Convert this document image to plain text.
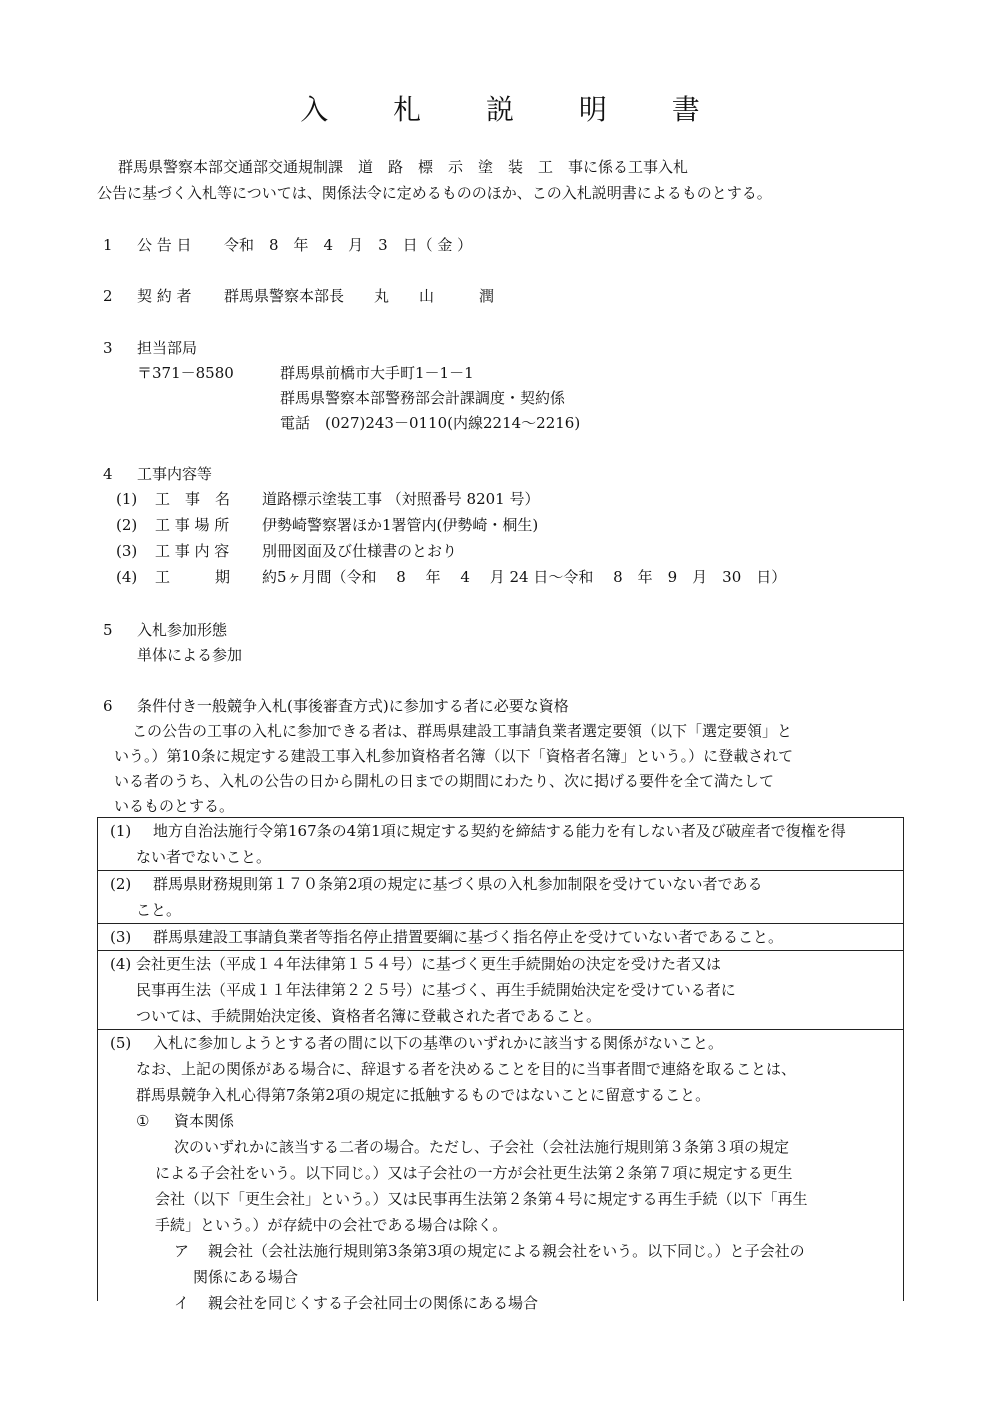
入 札 説 明 書
群馬県警察本部交通部交通規制課　道　路　標　示　塗　装　工　事に係る工事入札
公告に基づく入札等については、関係法令に定めるもののほか、この入札説明書によるものとする。
1 公 告 日 令和　8　年　4　月　3　日（ 金 ）
2 契 約 者 群馬県警察本部長　　丸　　山　　　潤
3 担当部局
〒371－8580	群馬県前橋市大手町1－1－1
群馬県警察本部警務部会計課調度・契約係
電話　(027)243－0110(内線2214～2216)
4 工事内容等
(1) 工　事　名 道路標示塗装工事 （対照番号 8201 号）
(2) 工 事 場 所 伊勢崎警察署ほか1署管内(伊勢崎・桐生)
(3) 工 事 内 容 別冊図面及び仕様書のとおり
(4) 工　　　期 約5ヶ月間（令和　 8　 年　 4　 月 24 日～令和　 8　年　9　月　30　日）
5 入札参加形態
単体による参加
6 条件付き一般競争入札(事後審査方式)に参加する者に必要な資格
この公告の工事の入札に参加できる者は、群馬県建設工事請負業者選定要領（以下「選定要領」と
いう。）第10条に規定する建設工事入札参加資格者名簿（以下「資格者名簿」という。）に登載されて
いる者のうち、入札の公告の日から開札の日までの期間にわたり、次に掲げる要件を全て満たして
いるものとする。
(1) 地方自治法施行令第167条の4第1項に規定する契約を締結する能力を有しない者及び破産者で復権を得

ない者でないこと。

(2) 群馬県財務規則第１７０条第2項の規定に基づく県の入札参加制限を受けていない者である

こと。

(3) 群馬県建設工事請負業者等指名停止措置要綱に基づく指名停止を受けていない者であること。

(4) 会社更生法（平成１４年法律第１５４号）に基づく更生手続開始の決定を受けた者又は

民事再生法（平成１１年法律第２２５号）に基づく、再生手続開始決定を受けている者に

ついては、手続開始決定後、資格者名簿に登載された者であること。

(5) 入札に参加しようとする者の間に以下の基準のいずれかに該当する関係がないこと。

なお、上記の関係がある場合に、辞退する者を決めることを目的に当事者間で連絡を取ることは、

群馬県競争入札心得第7条第2項の規定に抵触するものではないことに留意すること。

① 資本関係

次のいずれかに該当する二者の場合。ただし、子会社（会社法施行規則第３条第３項の規定

による子会社をいう。以下同じ。）又は子会社の一方が会社更生法第２条第７項に規定する更生

会社（以下「更生会社」という。）又は民事再生法第２条第４号に規定する再生手続（以下「再生

手続」という。）が存続中の会社である場合は除く。

ア 親会社（会社法施行規則第3条第3項の規定による親会社をいう。以下同じ。）と子会社の

関係にある場合

イ 親会社を同じくする子会社同士の関係にある場合
